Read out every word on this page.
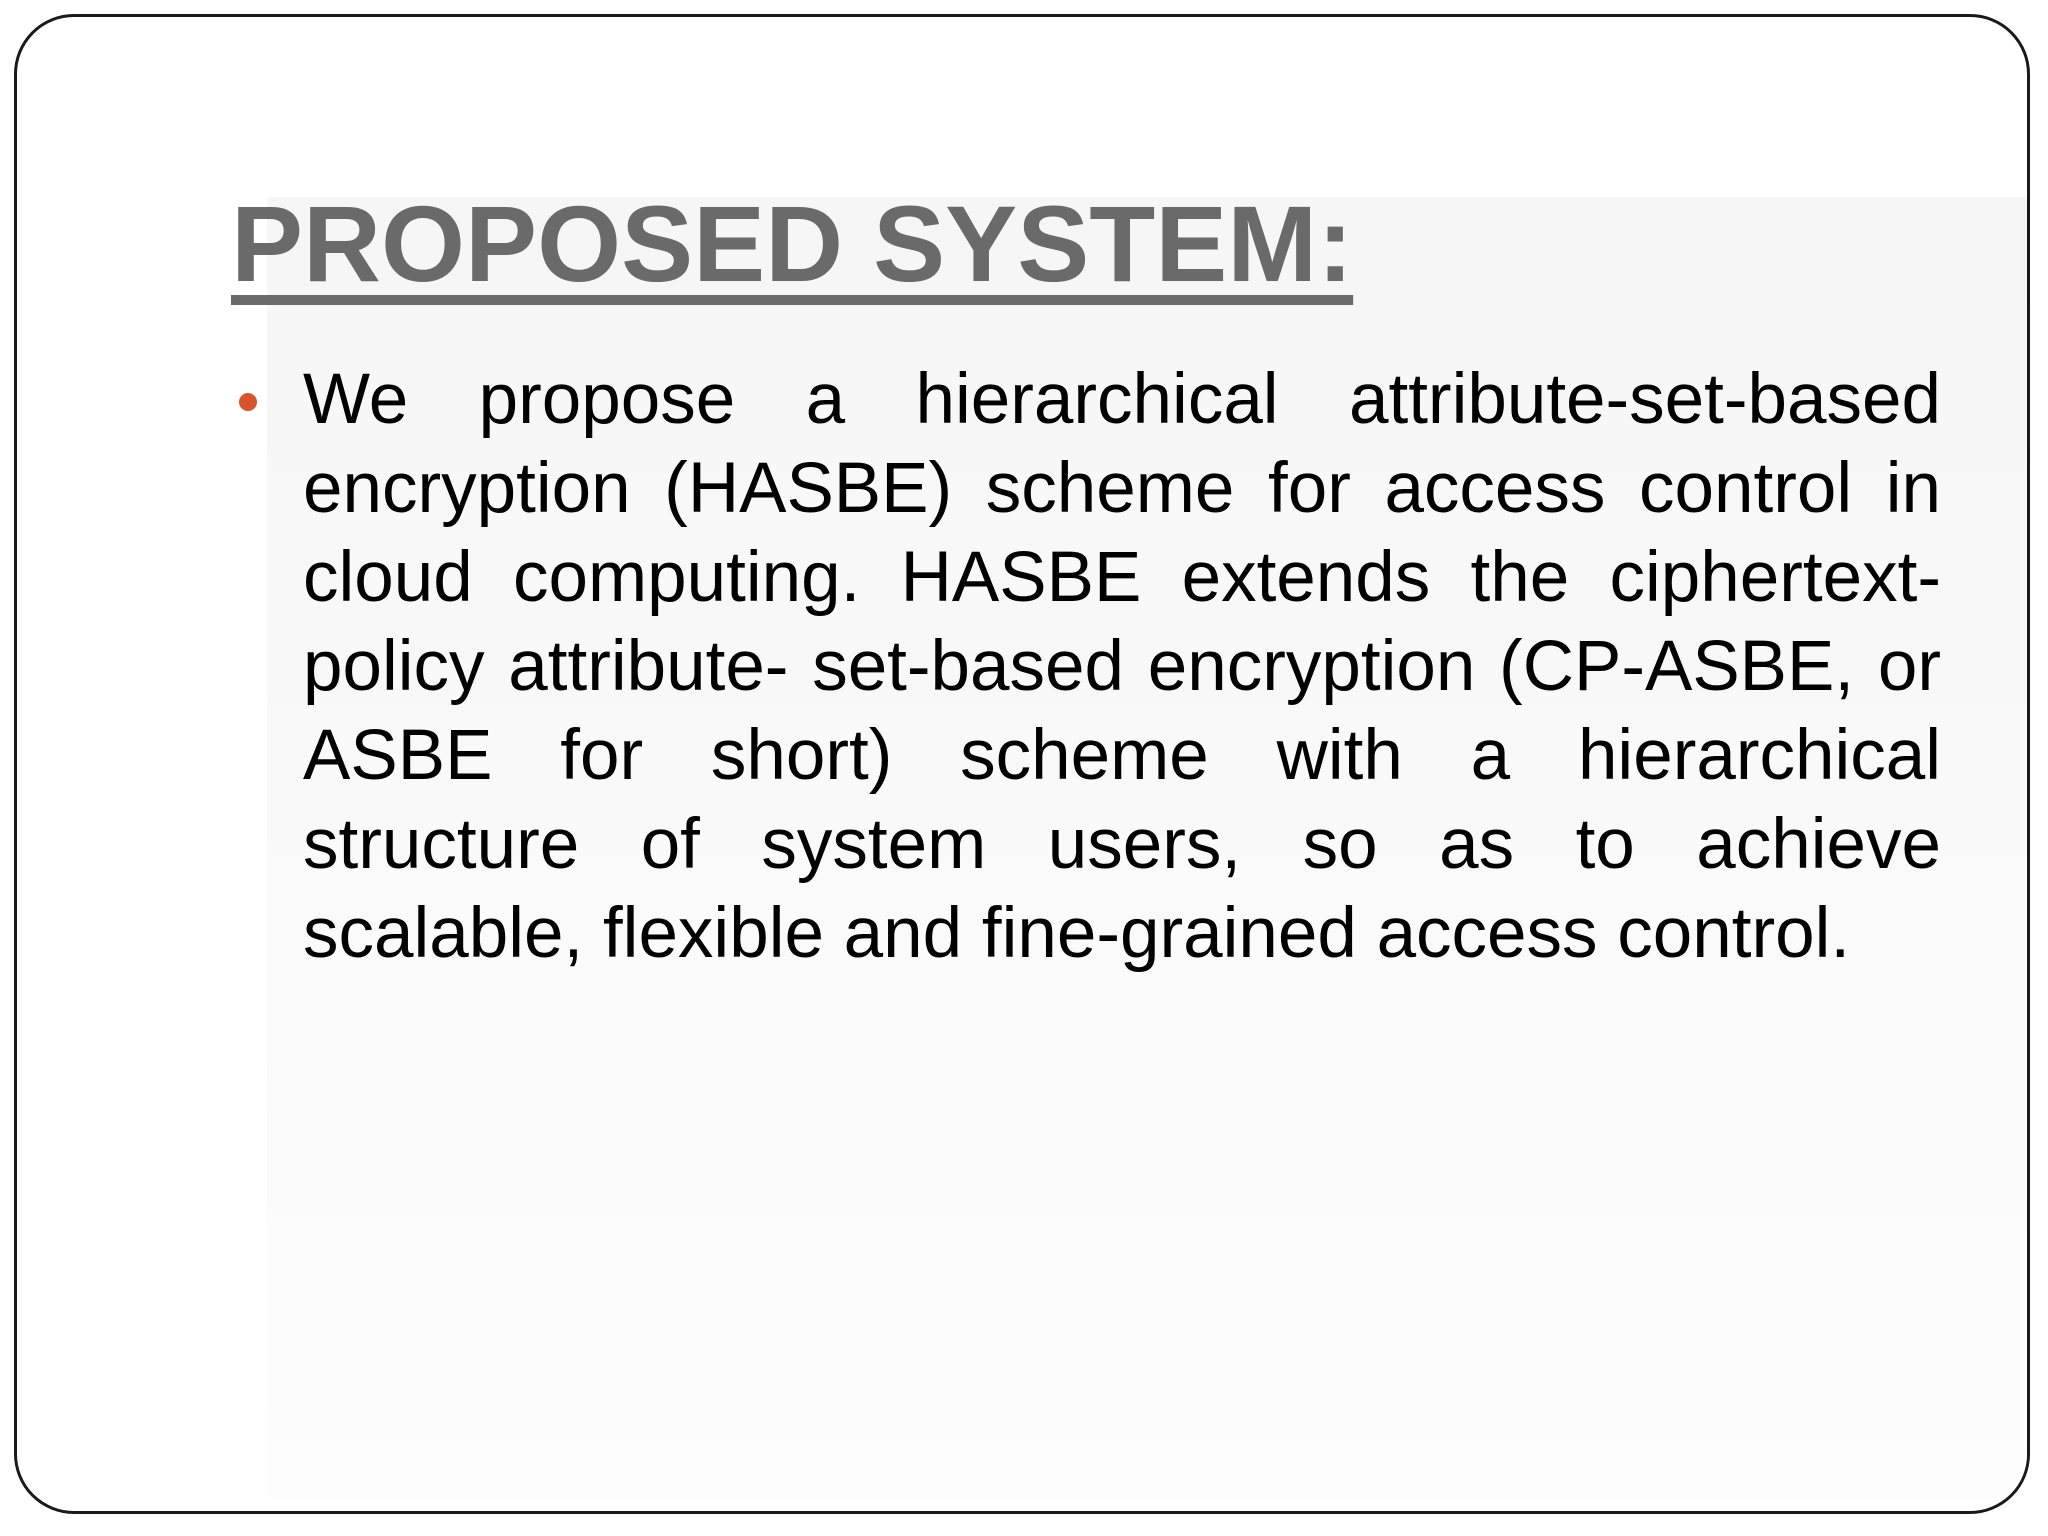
PROPOSED SYSTEM:
We propose a hierarchical attribute-set-based encryption (HASBE) scheme for access control in cloud computing. HASBE extends the ciphertext-policy attribute- set-based encryption (CP-ASBE, or ASBE for short) scheme with a hierarchical structure of system users, so as to achieve scalable, flexible and fine-grained access control.
